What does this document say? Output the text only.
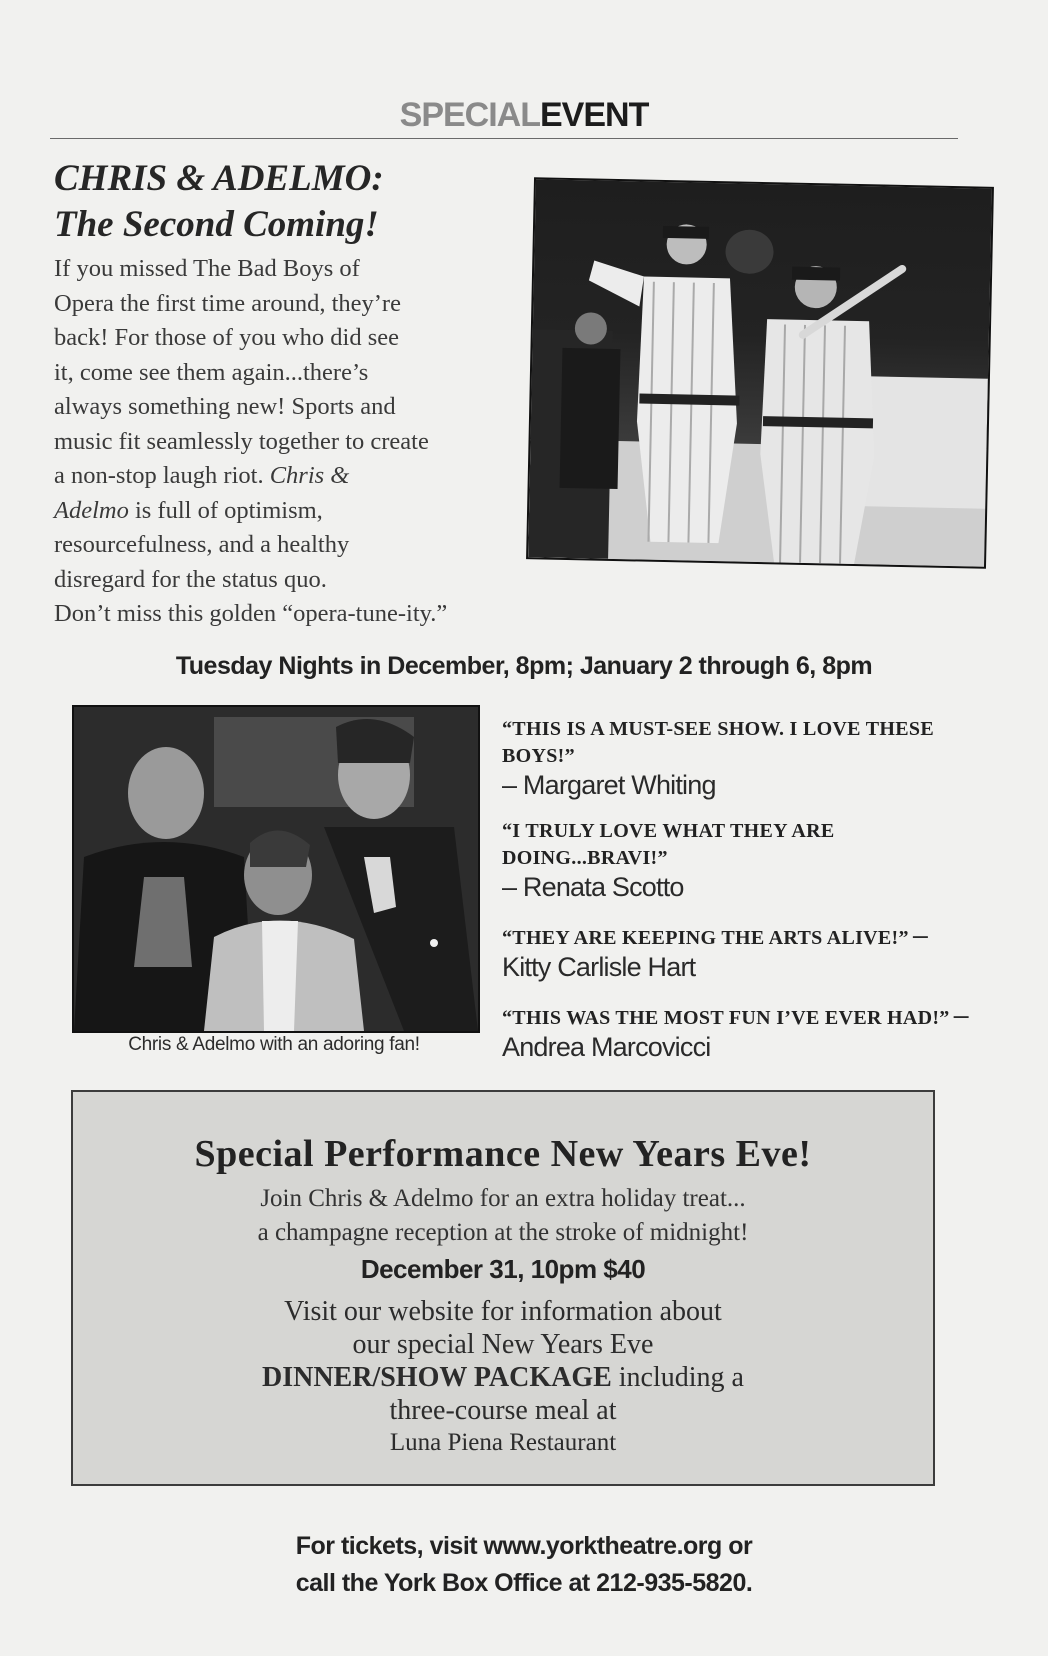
SPECIALEVENT
CHRIS & ADELMO:
The Second Coming!
If you missed The Bad Boys of
Opera the first time around, they’re
back! For those of you who did see
it, come see them again...there’s
always something new! Sports and
music fit seamlessly together to create
a non-stop laugh riot. Chris &
Adelmo is full of optimism,
resourcefulness, and a healthy
disregard for the status quo.
Don’t miss this golden “opera-tune-ity.”
Tuesday Nights in December, 8pm; January 2 through 6, 8pm
Chris & Adelmo with an adoring fan!
“THIS IS A MUST-SEE SHOW. I LOVE THESE BOYS!”
– Margaret Whiting
“I TRULY LOVE WHAT THEY ARE DOING...BRAVI!”
– Renata Scotto
“THEY ARE KEEPING THE ARTS ALIVE!” – Kitty Carlisle Hart
“THIS WAS THE MOST FUN I’VE EVER HAD!” – Andrea Marcovicci
Special Performance New Years Eve!
Join Chris & Adelmo for an extra holiday treat...
a champagne reception at the stroke of midnight!
December 31, 10pm $40
Visit our website for information about
our special New Years Eve
DINNER/SHOW PACKAGE including a
three-course meal at
Luna Piena Restaurant
For tickets, visit www.yorktheatre.org or
call the York Box Office at 212-935-5820.
